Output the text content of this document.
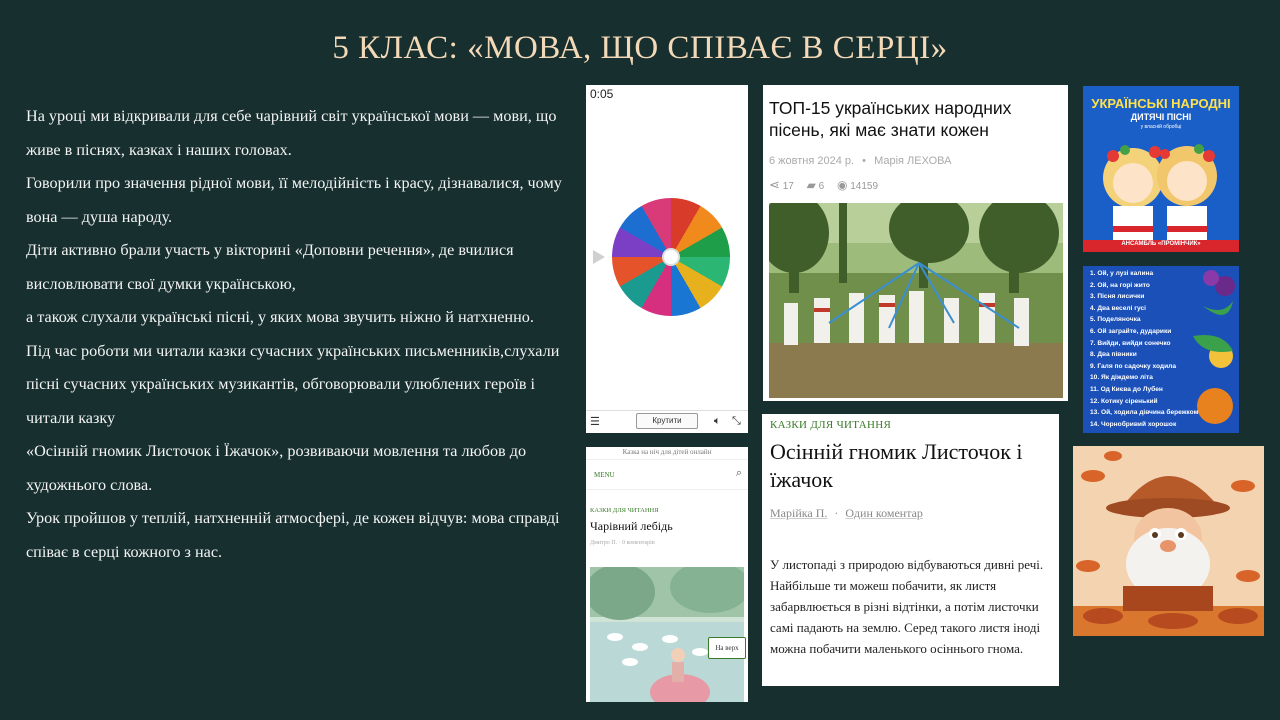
5 КЛАС: «МОВА, ЩО СПІВАЄ В СЕРЦІ»

На уроці ми відкривали для себе чарівний світ української мови — мови, що живе в піснях, казках і наших головах.

Говорили про значення рідної мови, її мелодійність і красу, дізнавалися, чому вона — душа народу.

Діти активно брали участь у вікторині «Доповни речення», де вчилися висловлювати свої думки українською,

а також слухали українські пісні, у яких мова звучить ніжно й натхненно.

Під час роботи ми читали казки сучасних українських письменників,слухали пісні сучасних українських музикантів, обговорювали улюблених героїв і читали казку

«Осінній гномик Листочок і Їжачок», розвиваючи мовлення та любов до художнього слова.

Урок пройшов у теплій, натхненній атмосфері, де кожен відчув: мова справді співає в серці кожного з нас.

0:05
☰	Крутити	🔈︎ ⤡
ТОП-15 українських народних пісень, які має знати кожен
6 жовтня 2024 р. • Марія ЛЕХОВА
⋖ 17 ▰ 6 ◉ 14159
УКРАЇНСЬКІ НАРОДНІ
ДИТЯЧІ ПІСНІ
у власній обробці
АНСАМБЛЬ «ПРОМІНЧИК»
1. Ой, у лузі калина
2. Ой, на горі жито
3. Пісня лисички
4. Два веселі гусі
5. Поделяночка
6. Ой заграйте, дударики
7. Вийди, вийди сонечко
8. Два півники
9. Галя по садочку ходила
10. Як діждемо літа
11. Од Києва до Лубен
12. Котику сіренький
13. Ой, ходила дівчина бережком
14. Чорнобривий хорошок
Казка на ніч для дітей онлайн
MENU	⌕
КАЗКИ ДЛЯ ЧИТАННЯ
Чарівний лебідь
Дмитро П. · 0 коментарів
На верх
КАЗКИ ДЛЯ ЧИТАННЯ
Осінній гномик Листочок і їжачок
Марійка П. · Один коментар
У листопаді з природою відбуваються дивні речі. Найбільше ти можеш побачити, як листя забарвлюється в різні відтінки, а потім листочки самі падають на землю. Серед такого листя іноді можна побачити маленького осіннього гнома.
